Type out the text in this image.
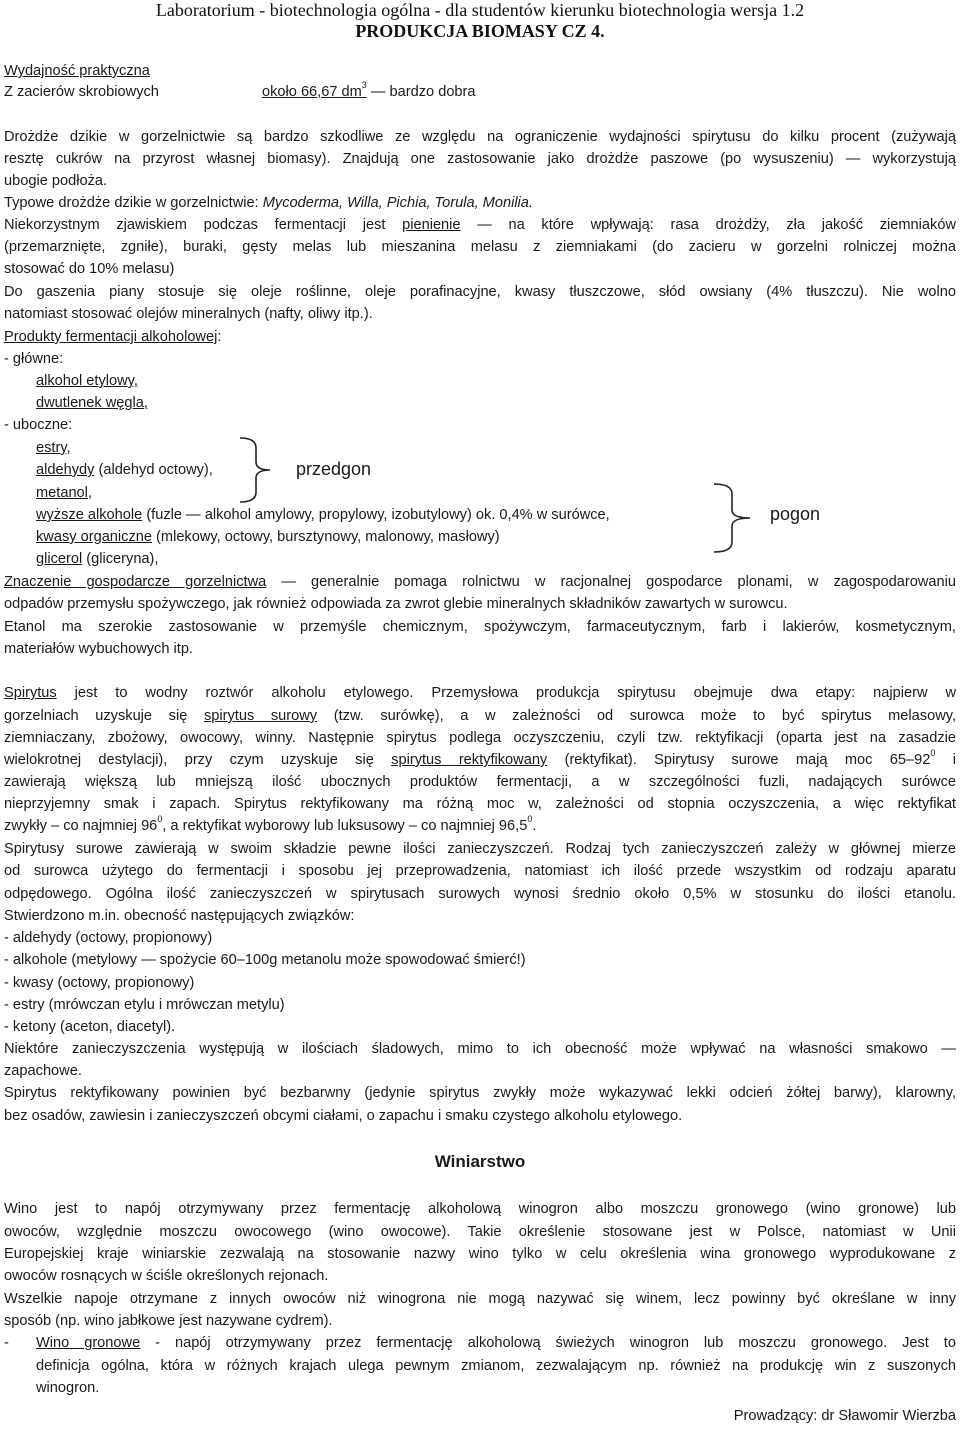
Laboratorium - biotechnologia ogólna - dla studentów kierunku biotechnologia wersja 1.2
PRODUKCJA BIOMASY CZ 4.
Wydajność praktyczna
Z zacierów skrobiowych	około 66,67 $dm^3$ — bardzo dobra
Drożdże dzikie w gorzelnictwie są bardzo szkodliwe ze względu na ograniczenie wydajności spirytusu do kilku procent (zużywają
resztę cukrów na przyrost własnej biomasy). Znajdują one zastosowanie jako drożdże paszowe (po wysuszeniu) — wykorzystują
ubogie podłoża.
Typowe drożdże dzikie w gorzelnictwie: Mycoderma, Willa, Pichia, Torula, Monilia.
Niekorzystnym zjawiskiem podczas fermentacji jest pienienie — na które wpływają: rasa drożdży, zła jakość ziemniaków
(przemarznięte, zgniłe), buraki, gęsty melas lub mieszanina melasu z ziemniakami (do zacieru w gorzelni rolniczej można
stosować do 10% melasu)
Do gaszenia piany stosuje się oleje roślinne, oleje porafinacyjne, kwasy tłuszczowe, słód owsiany (4% tłuszczu). Nie wolno
natomiast stosować olejów mineralnych (nafty, oliwy itp.).
Produkty fermentacji alkoholowej:
- główne:
alkohol etylowy,
dwutlenek węgla,
- uboczne:
estry,
aldehydy (aldehyd octowy),
metanol,
wyższe alkohole (fuzle — alkohol amylowy, propylowy, izobutylowy) ok. 0,4% w surówce,
kwasy organiczne (mlekowy, octowy, bursztynowy, malonowy, masłowy)
glicerol (gliceryna),
przedgon
pogon
Znaczenie gospodarcze gorzelnictwa — generalnie pomaga rolnictwu w racjonalnej gospodarce plonami, w zagospodarowaniu
odpadów przemysłu spożywczego, jak również odpowiada za zwrot glebie mineralnych składników zawartych w surowcu.
Etanol ma szerokie zastosowanie w przemyśle chemicznym, spożywczym, farmaceutycznym, farb i lakierów, kosmetycznym,
materiałów wybuchowych itp.
Spirytus jest to wodny roztwór alkoholu etylowego. Przemysłowa produkcja spirytusu obejmuje dwa etapy: najpierw w
gorzelniach uzyskuje się spirytus surowy (tzw. surówkę), a w zależności od surowca może to być spirytus melasowy,
ziemniaczany, zbożowy, owocowy, winny. Następnie spirytus podlega oczyszczeniu, czyli tzw. rektyfikacji (oparta jest na zasadzie
wielokrotnej destylacji), przy czym uzyskuje się spirytus rektyfikowany (rektyfikat). Spirytusy surowe mają moc $65-92^0$ i
zawierają większą lub mniejszą ilość ubocznych produktów fermentacji, a w szczególności fuzli, nadających surówce
nieprzyjemny smak i zapach. Spirytus rektyfikowany ma różną moc w, zależności od stopnia oczyszczenia, a więc rektyfikat
zwykły – co najmniej $96^0$, a rektyfikat wyborowy lub luksusowy – co najmniej 96,5$^0$.
Spirytusy surowe zawierają w swoim składzie pewne ilości zanieczyszczeń. Rodzaj tych zanieczyszczeń zależy w głównej mierze
od surowca użytego do fermentacji i sposobu jej przeprowadzenia, natomiast ich ilość przede wszystkim od rodzaju aparatu
odpędowego. Ogólna ilość zanieczyszczeń w spirytusach surowych wynosi średnio około 0,5% w stosunku do ilości etanolu.
Stwierdzono m.in. obecność następujących związków:
- aldehydy (octowy, propionowy)
- alkohole (metylowy — spożycie 60–100g metanolu może spowodować śmierć!)
- kwasy (octowy, propionowy)
- estry (mrówczan etylu i mrówczan metylu)
- ketony (aceton, diacetyl).
Niektóre zanieczyszczenia występują w ilościach śladowych, mimo to ich obecność może wpływać na własności smakowo —
zapachowe.
Spirytus rektyfikowany powinien być bezbarwny (jedynie spirytus zwykły może wykazywać lekki odcień żółtej barwy), klarowny,
bez osadów, zawiesin i zanieczyszczeń obcymi ciałami, o zapachu i smaku czystego alkoholu etylowego.
Winiarstwo
Wino jest to napój otrzymywany przez fermentację alkoholową winogron albo moszczu gronowego (wino gronowe) lub
owoców, względnie moszczu owocowego (wino owocowe). Takie określenie stosowane jest w Polsce, natomiast w Unii
Europejskiej kraje winiarskie zezwalają na stosowanie nazwy wino tylko w celu określenia wina gronowego wyprodukowane z
owoców rosnących w ściśle określonych rejonach.
Wszelkie napoje otrzymane z innych owoców niż winogrona nie mogą nazywać się winem, lecz powinny być określane w inny
sposób (np. wino jabłkowe jest nazywane cydrem).
- Wino gronowe - napój otrzymywany przez fermentację alkoholową świeżych winogron lub moszczu gronowego. Jest to
definicja ogólna, która w różnych krajach ulega pewnym zmianom, zezwalającym np. również na produkcję win z suszonych
winogron.
Prowadzący: dr Sławomir Wierzba
